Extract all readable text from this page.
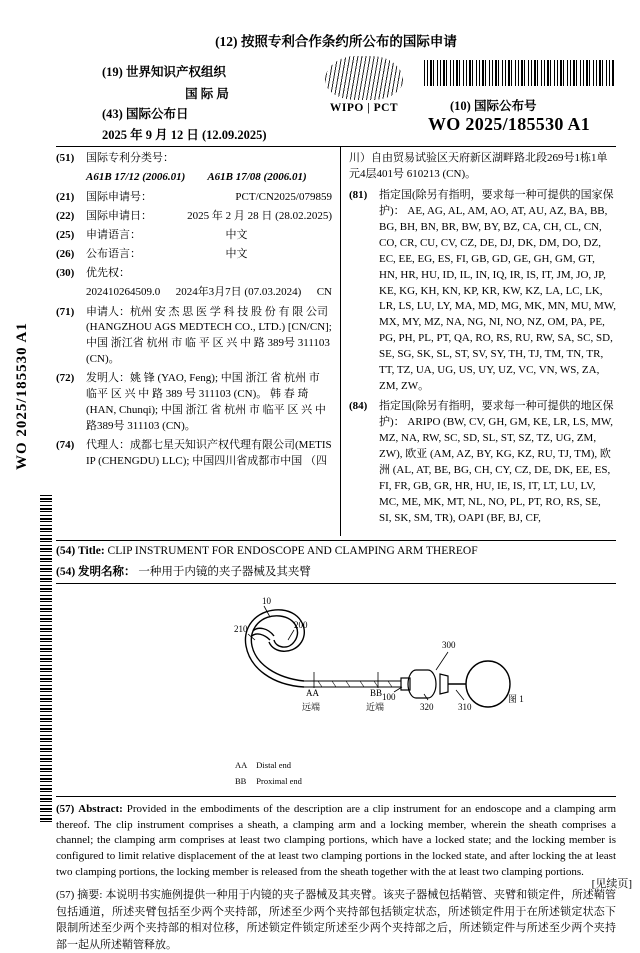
WO 2025/185530 A1
(12) 按照专利合作条约所公布的国际申请
(19) 世界知识产权组织
国 际 局
(43) 国际公布日
2025 年 9 月 12 日 (12.09.2025)
WIPO | PCT	(10) 国际公布号
WO 2025/185530 A1
(51)	国际专利分类号：
A61B 17/12 (2006.01) A61B 17/08 (2006.01)
(21)	国际申请号：	PCT/CN2025/079859
(22)	国际申请日：	2025 年 2 月 28 日 (28.02.2025)
(25)	申请语言：	中文
(26)	公布语言：	中文
(30)	优先权：
202410264509.0 2024年3月7日 (07.03.2024) CN
(71)	申请人：杭州 安 杰 思 医 学 科 技 股 份 有 限 公司(HANGZHOU AGS MEDTECH CO., LTD.) [CN/CN]; 中国 浙江省 杭州 市 临 平 区 兴 中 路 389号 311103 (CN)。
(72)	发明人：姚 锋 (YAO, Feng); 中国 浙江 省 杭州 市 临平 区 兴 中 路 389 号 311103 (CN)。 韩 春 琦 (HAN, Chunqi); 中国 浙江 省 杭州 市 临平 区 兴 中路389号 311103 (CN)。
(74)	代理人：成都七星天知识产权代理有限公司(METIS IP (CHENGDU) LLC); 中国四川省成都市中国 （四
川）自由贸易试验区天府新区湖畔路北段269号1栋1单元4层401号 610213 (CN)。
(81)	指定国(除另有指明，要求每一种可提供的国家保护)： AE, AG, AL, AM, AO, AT, AU, AZ, BA, BB, BG, BH, BN, BR, BW, BY, BZ, CA, CH, CL, CN, CO, CR, CU, CV, CZ, DE, DJ, DK, DM, DO, DZ, EC, EE, EG, ES, FI, GB, GD, GE, GH, GM, GT, HN, HR, HU, ID, IL, IN, IQ, IR, IS, IT, JM, JO, JP, KE, KG, KH, KN, KP, KR, KW, KZ, LA, LC, LK, LR, LS, LU, LY, MA, MD, MG, MK, MN, MU, MW, MX, MY, MZ, NA, NG, NI, NO, NZ, OM, PA, PE, PG, PH, PL, PT, QA, RO, RS, RU, RW, SA, SC, SD, SE, SG, SK, SL, ST, SV, SY, TH, TJ, TM, TN, TR, TT, TZ, UA, UG, US, UY, UZ, VC, VN, WS, ZA, ZM, ZW。
(84)	指定国(除另有指明，要求每一种可提供的地区保护)： ARIPO (BW, CV, GH, GM, KE, LR, LS, MW, MZ, NA, RW, SC, SD, SL, ST, SZ, TZ, UG, ZM, ZW), 欧亚 (AM, AZ, BY, KG, KZ, RU, TJ, TM), 欧洲 (AL, AT, BE, BG, CH, CY, CZ, DE, DK, EE, ES, FI, FR, GB, GR, HR, HU, IE, IS, IT, LT, LU, LV, MC, ME, MK, MT, NL, NO, PL, PT, RO, RS, SE, SI, SK, SM, TR), OAPI (BF, BJ, CF,
(54) Title: CLIP INSTRUMENT FOR ENDOSCOPE AND CLAMPING ARM THEREOF
(54) 发明名称： 一种用于内镜的夹子器械及其夹臂
10
200
210
300
100
320	310
图 1
AA
远端
BB
近端
AA	Distal end
BB	Proximal end
(57) Abstract: Provided in the embodiments of the description are a clip instrument for an endoscope and a clamping arm thereof. The clip instrument comprises a sheath, a clamping arm and a locking member, wherein the sheath comprises a channel; the clamping arm comprises at least two clamping portions, which have a locked state; and the locking member is configured to limit relative displacement of the at least two clamping portions in the locked state, and after locking the at least two clamping portions, the locking member is released from the sheath together with the at least two clamping portions.
(57) 摘要: 本说明书实施例提供一种用于内镜的夹子器械及其夹臂。该夹子器械包括鞘管、夹臂和锁定件，所述鞘管包括通道，所述夹臂包括至少两个夹持部，所述至少两个夹持部包括锁定状态，所述锁定件用于在所述锁定状态下限制所述至少两个夹持部的相对位移，所述锁定件锁定所述至少两个夹持部之后，所述锁定件与所述至少两个夹持部一起从所述鞘管释放。
[见续页]
